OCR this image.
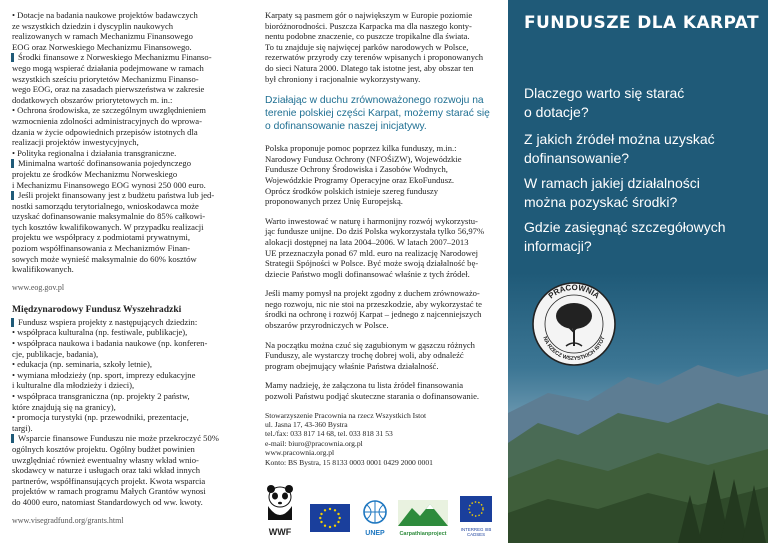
• Dotacje na badania naukowe projektów badawczych
ze wszystkich dziedzin i dyscyplin naukowych
realizowanych w ramach Mechanizmu Finansowego
EOG oraz Norweskiego Mechanizmu Finansowego.
Środki finansowe z Norweskiego Mechanizmu Finanso-
wego mogą wspierać działania podejmowane w ramach
wszystkich sześciu priorytetów Mechanizmu Finanso-
wego EOG, oraz na zasadach pierwszeństwa w zakresie
dodatkowych obszarów priorytetowych m. in.:
• Ochrona środowiska, ze szczególnym uwzględnieniem
wzmocnienia zdolności administracyjnych do wprowa-
dzania w życie odpowiednich przepisów istotnych dla
realizacji projektów inwestycyjnych,
• Polityka regionalna i działania transgraniczne.
Minimalna wartość dofinansowania pojedynczego
projektu ze środków Mechanizmu Norweskiego
i Mechanizmu Finansowego EOG wynosi 250 000 euro.
Jeśli projekt finansowany jest z budżetu państwa lub jed-
nostki samorządu terytorialnego, wnioskodawca może
uzyskać dofinansowanie maksymalnie do 85% całkowi-
tych kosztów kwalifikowanych. W przypadku realizacji
projektu we współpracy z podmiotami prywatnymi,
poziom współfinansowania z Mechanizmów Finan-
sowych może wynieść maksymalnie do 60% kosztów
kwalifikowanych.
www.eog.gov.pl
Międzynarodowy Fundusz Wyszehradzki
Fundusz wspiera projekty z następujących dziedzin:
• współpraca kulturalna (np. festiwale, publikacje),
• współpraca naukowa i badania naukowe (np. konferen-
cje, publikacje, badania),
• edukacja (np. seminaria, szkoły letnie),
• wymiana młodzieży (np. sport, imprezy edukacyjne
i kulturalne dla młodzieży i dzieci),
• współpraca transgraniczna (np. projekty 2 państw,
które znajdują się na granicy),
• promocja turystyki (np. przewodniki, prezentacje,
targi).
Wsparcie finansowe Funduszu nie może przekroczyć 50%
ogólnych kosztów projektu. Ogólny budżet powinien
uwzględniać również ewentualny własny wkład wnio-
skodawcy w naturze i usługach oraz taki wkład innych
partnerów, współfinansujących projekt. Kwota wsparcia
projektów w ramach programu Małych Grantów wynosi
do 4000 euro, natomiast Standardowych od ww. kwoty.
www.visegradfund.org/grants.html
Karpaty są pasmem gór o największym w Europie poziomie
bioróżnorodności. Puszcza Karpacka ma dla naszego konty-
nentu podobne znaczenie, co puszcze tropikalne dla świata.
To tu znajduje się najwięcej parków narodowych w Polsce,
rezerwatów przyrody czy terenów wpisanych i proponowanych
do sieci Natura 2000. Dlatego tak istotne jest, aby obszar ten
był chroniony i racjonalnie wykorzystywany.
Działając w duchu zrównoważonego rozwoju na
terenie polskiej części Karpat, możemy starać się
o dofinansowanie naszej inicjatywy.
Polska proponuje pomoc poprzez kilka funduszy, m.in.:
Narodowy Fundusz Ochrony (NFOŚiZW), Wojewódzkie
Fundusze Ochrony Środowiska i Zasobów Wodnych,
Wojewódzkie Programy Operacyjne oraz EkoFundusz.
Oprócz środków polskich istnieje szereg funduszy
proponowanych przez Unię Europejską.
Warto inwestować w naturę i harmonijny rozwój wykorzystu-
jąc fundusze unijne. Do dziś Polska wykorzystała tylko 56,97%
alokacji dostępnej na lata 2004–2006. W latach 2007–2013
UE przeznaczyła ponad 67 mld. euro na realizację Narodowej
Strategii Spójności w Polsce. Być może swoją działalność bę-
dziecie Państwo mogli dofinansować właśnie z tych źródeł.
Jeśli mamy pomysł na projekt zgodny z duchem zrównoważo-
nego rozwoju, nic nie stoi na przeszkodzie, aby wykorzystać te
środki na ochronę i rozwój Karpat – jednego z najcenniejszych
obszarów przyrodniczych w Polsce.
Na początku można czuć się zagubionym w gąszczu różnych
Funduszy, ale wystarczy trochę dobrej woli, aby odnaleźć
program obejmujący właśnie Państwa działalność.
Mamy nadzieję, że załączona tu lista źródeł finansowania
pozwoli Państwu podjąć skuteczne starania o dofinansowanie.
Stowarzyszenie Pracownia na rzecz Wszystkich Istot
ul. Jasna 17, 43-360 Bystra
tel./fax: 033 817 14 68, tel. 033 818 31 53
e-mail: biuro@pracownia.org.pl
www.pracownia.org.pl
Konto: BS Bystra, 15 8133 0003 0001 0429 2000 0001
WWF	UNEP	Carpathianproject
INTERREG IIIB CADSES
FUNDUSZE DLA KARPAT
Dlaczego warto się starać
o dotacje?
Z jakich źródeł można uzyskać
dofinansowanie?
W ramach jakiej działalności
można pozyskać środki?
Gdzie zasięgnąć szczegółowych
informacji?
PRACOWNIA
NA RZECZ WSZYSTKICH ISTOT
